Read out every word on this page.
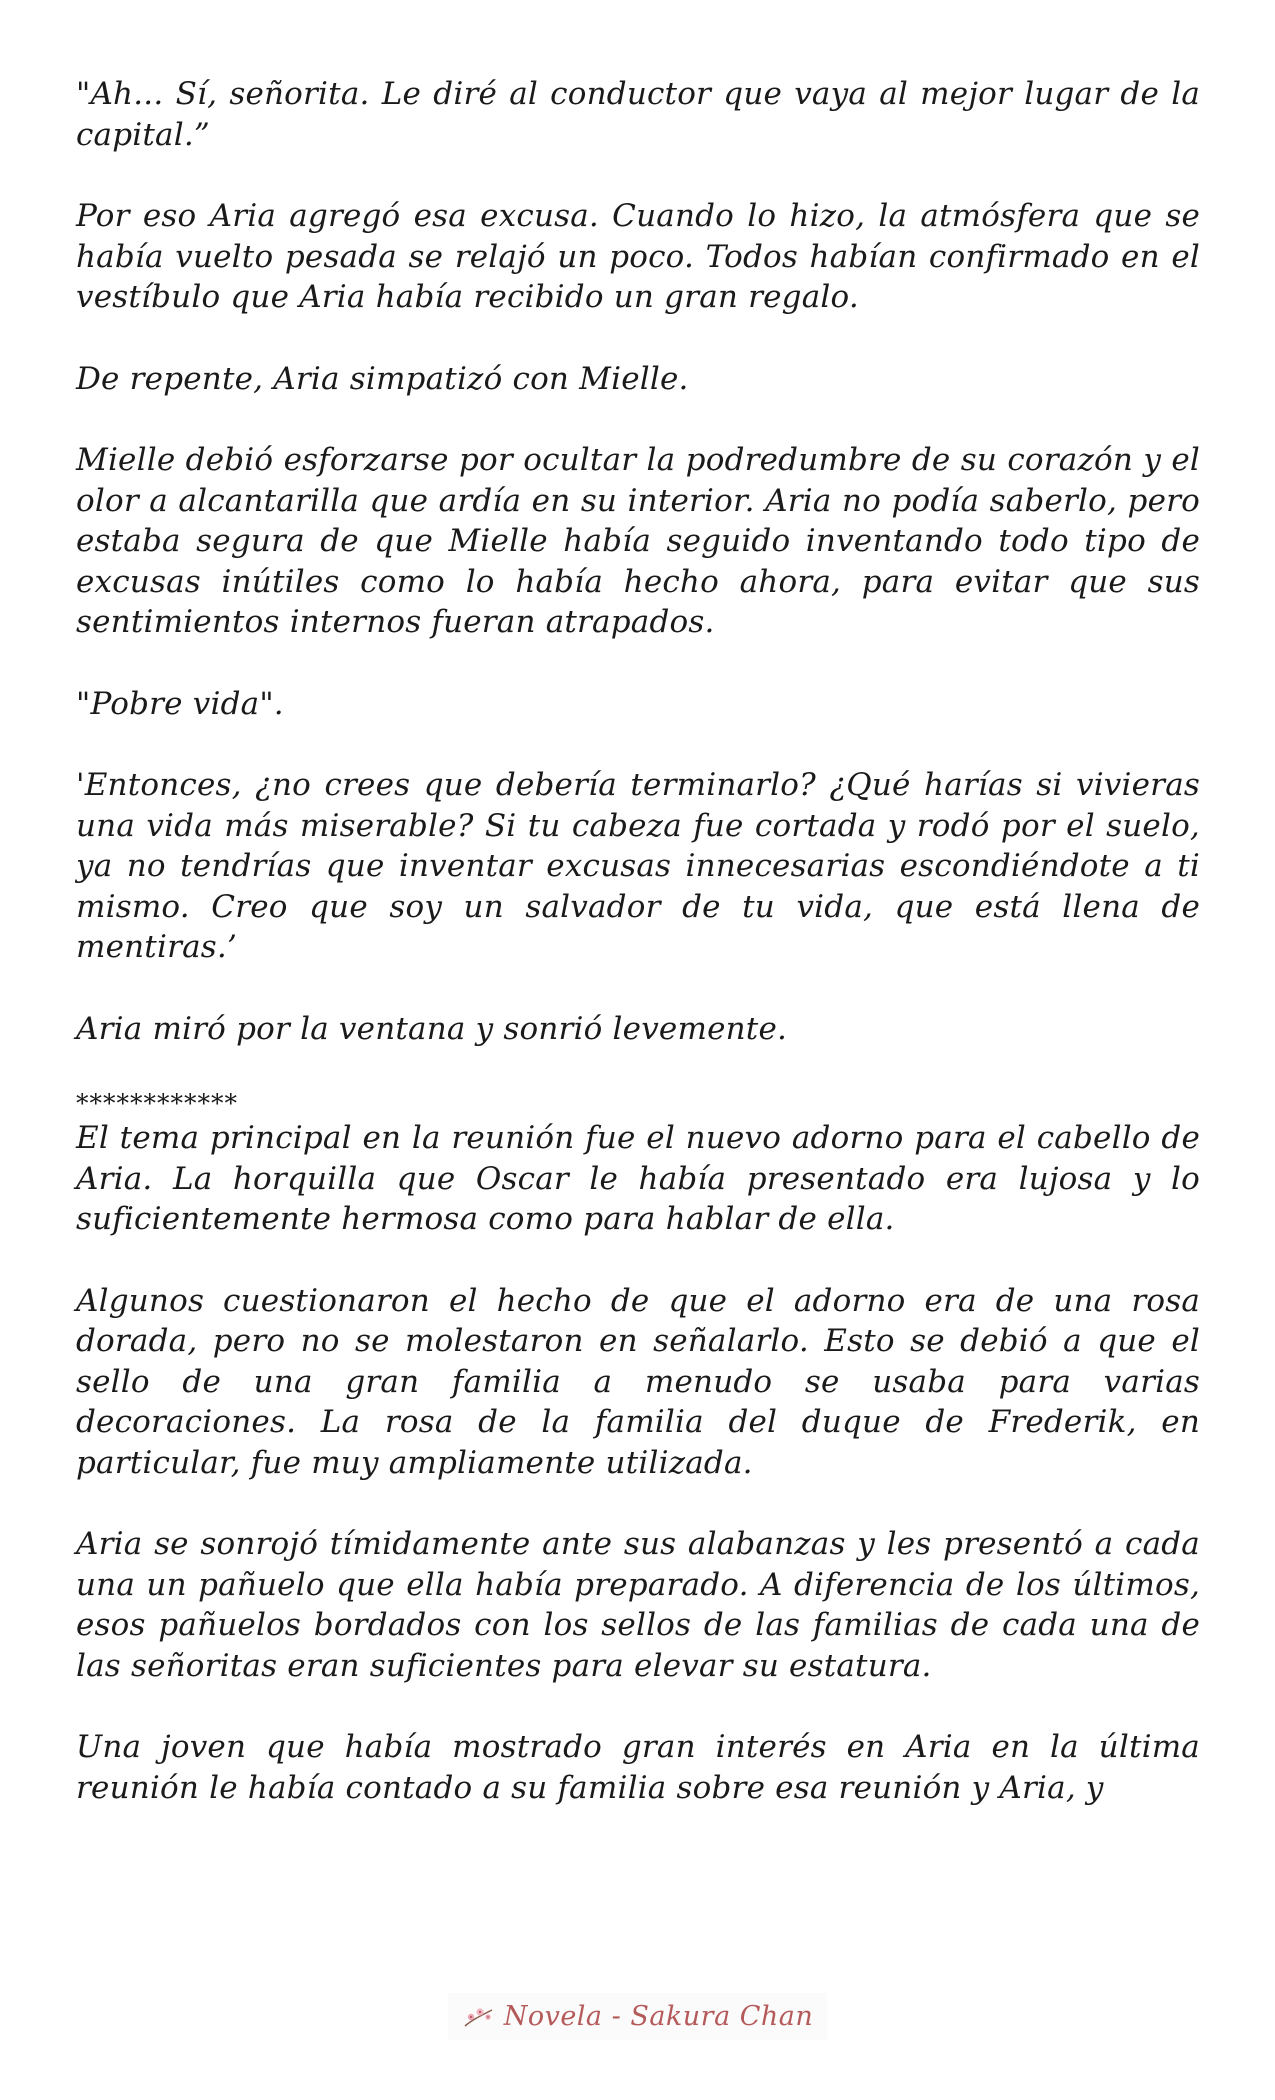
"Ah... Sí, señorita. Le diré al conductor que vaya al mejor lugar de la capital.”

Por eso Aria agregó esa excusa. Cuando lo hizo, la atmósfera que se había vuelto pesada se relajó un poco. Todos habían confirmado en el vestíbulo que Aria había recibido un gran regalo.

De repente, Aria simpatizó con Mielle.

Mielle debió esforzarse por ocultar la podredumbre de su corazón y el olor a alcantarilla que ardía en su interior. Aria no podía saberlo, pero estaba segura de que Mielle había seguido inventando todo tipo de excusas inútiles como lo había hecho ahora, para evitar que sus sentimientos internos fueran atrapados.

"Pobre vida".

'Entonces, ¿no crees que debería terminarlo? ¿Qué harías si vivieras una vida más miserable? Si tu cabeza fue cortada y rodó por el suelo, ya no tendrías que inventar excusas innecesarias escondiéndote a ti mismo. Creo que soy un salvador de tu vida, que está llena de mentiras.’

Aria miró por la ventana y sonrió levemente.

************

El tema principal en la reunión fue el nuevo adorno para el cabello de Aria. La horquilla que Oscar le había presentado era lujosa y lo suficientemente hermosa como para hablar de ella.

Algunos cuestionaron el hecho de que el adorno era de una rosa dorada, pero no se molestaron en señalarlo. Esto se debió a que el sello de una gran familia a menudo se usaba para varias decoraciones. La rosa de la familia del duque de Frederik, en particular, fue muy ampliamente utilizada.

Aria se sonrojó tímidamente ante sus alabanzas y les presentó a cada una un pañuelo que ella había preparado. A diferencia de los últimos, esos pañuelos bordados con los sellos de las familias de cada una de las señoritas eran suficientes para elevar su estatura.

Una joven que había mostrado gran interés en Aria en la última reunión le había contado a su familia sobre esa reunión y Aria, y

Novela - Sakura Chan
